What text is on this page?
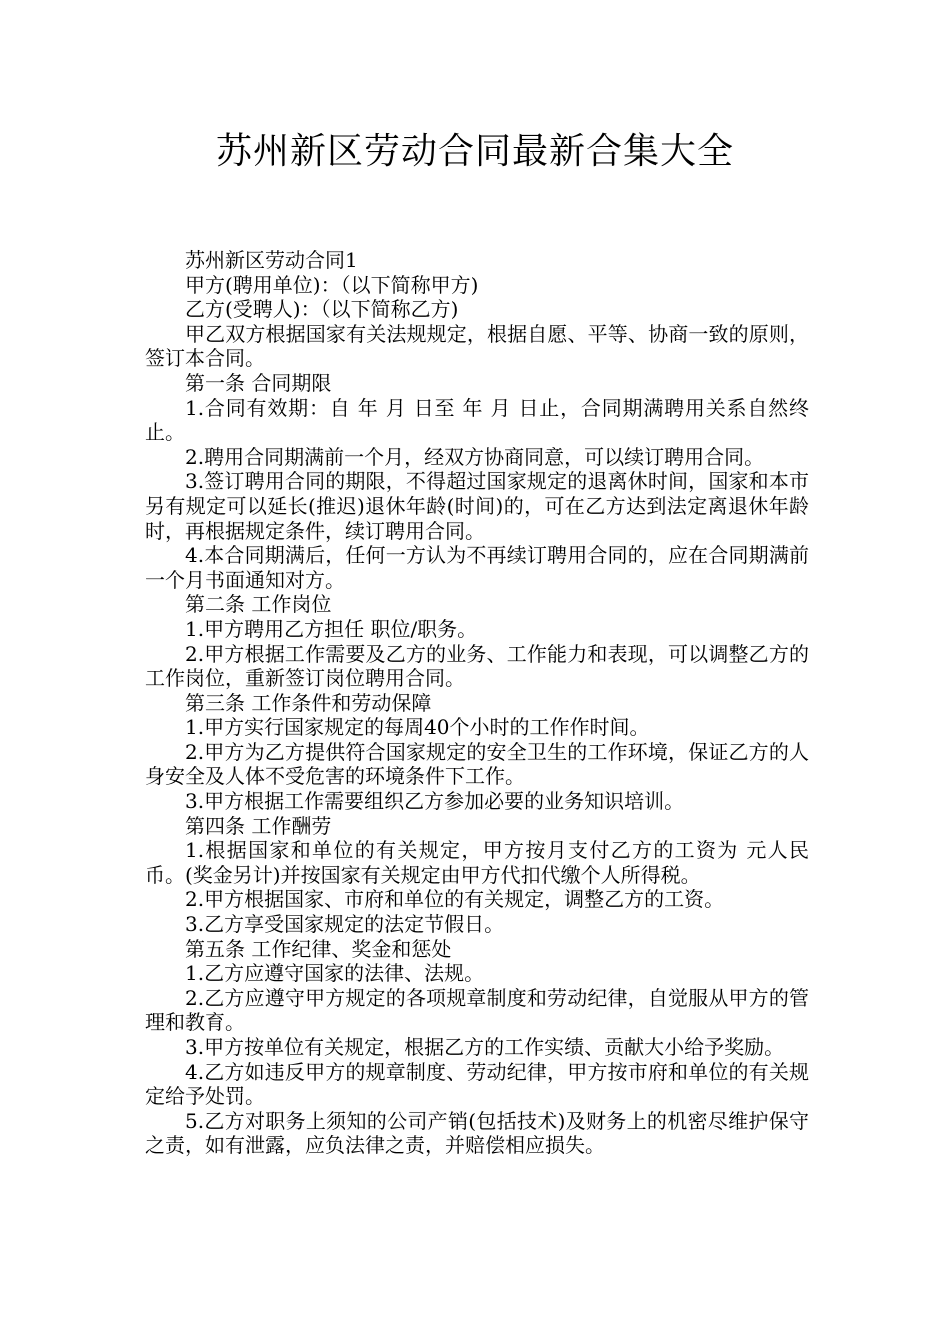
苏州新区劳动合同最新合集大全

苏州新区劳动合同1

甲方(聘用单位)：（以下简称甲方)

乙方(受聘人)：（以下简称乙方)

甲乙双方根据国家有关法规规定，根据自愿、平等、协商一致的原则，签订本合同。

第一条 合同期限

1.合同有效期：自 年 月 日至 年 月 日止，合同期满聘用关系自然终止。

2.聘用合同期满前一个月，经双方协商同意，可以续订聘用合同。

3.签订聘用合同的期限，不得超过国家规定的退离休时间，国家和本市另有规定可以延长(推迟)退休年龄(时间)的，可在乙方达到法定离退休年龄时，再根据规定条件，续订聘用合同。

4.本合同期满后，任何一方认为不再续订聘用合同的，应在合同期满前一个月书面通知对方。

第二条 工作岗位

1.甲方聘用乙方担任 职位/职务。

2.甲方根据工作需要及乙方的业务、工作能力和表现，可以调整乙方的工作岗位，重新签订岗位聘用合同。

第三条 工作条件和劳动保障

1.甲方实行国家规定的每周40个小时的工作作时间。

2.甲方为乙方提供符合国家规定的安全卫生的工作环境，保证乙方的人身安全及人体不受危害的环境条件下工作。

3.甲方根据工作需要组织乙方参加必要的业务知识培训。

第四条 工作酬劳

1.根据国家和单位的有关规定，甲方按月支付乙方的工资为 元人民币。(奖金另计)并按国家有关规定由甲方代扣代缴个人所得税。

2.甲方根据国家、市府和单位的有关规定，调整乙方的工资。

3.乙方享受国家规定的法定节假日。

第五条 工作纪律、奖金和惩处

1.乙方应遵守国家的法律、法规。

2.乙方应遵守甲方规定的各项规章制度和劳动纪律，自觉服从甲方的管理和教育。

3.甲方按单位有关规定，根据乙方的工作实绩、贡献大小给予奖励。

4.乙方如违反甲方的规章制度、劳动纪律，甲方按市府和单位的有关规定给予处罚。

5.乙方对职务上须知的公司产销(包括技术)及财务上的机密尽维护保守之责，如有泄露，应负法律之责，并赔偿相应损失。
